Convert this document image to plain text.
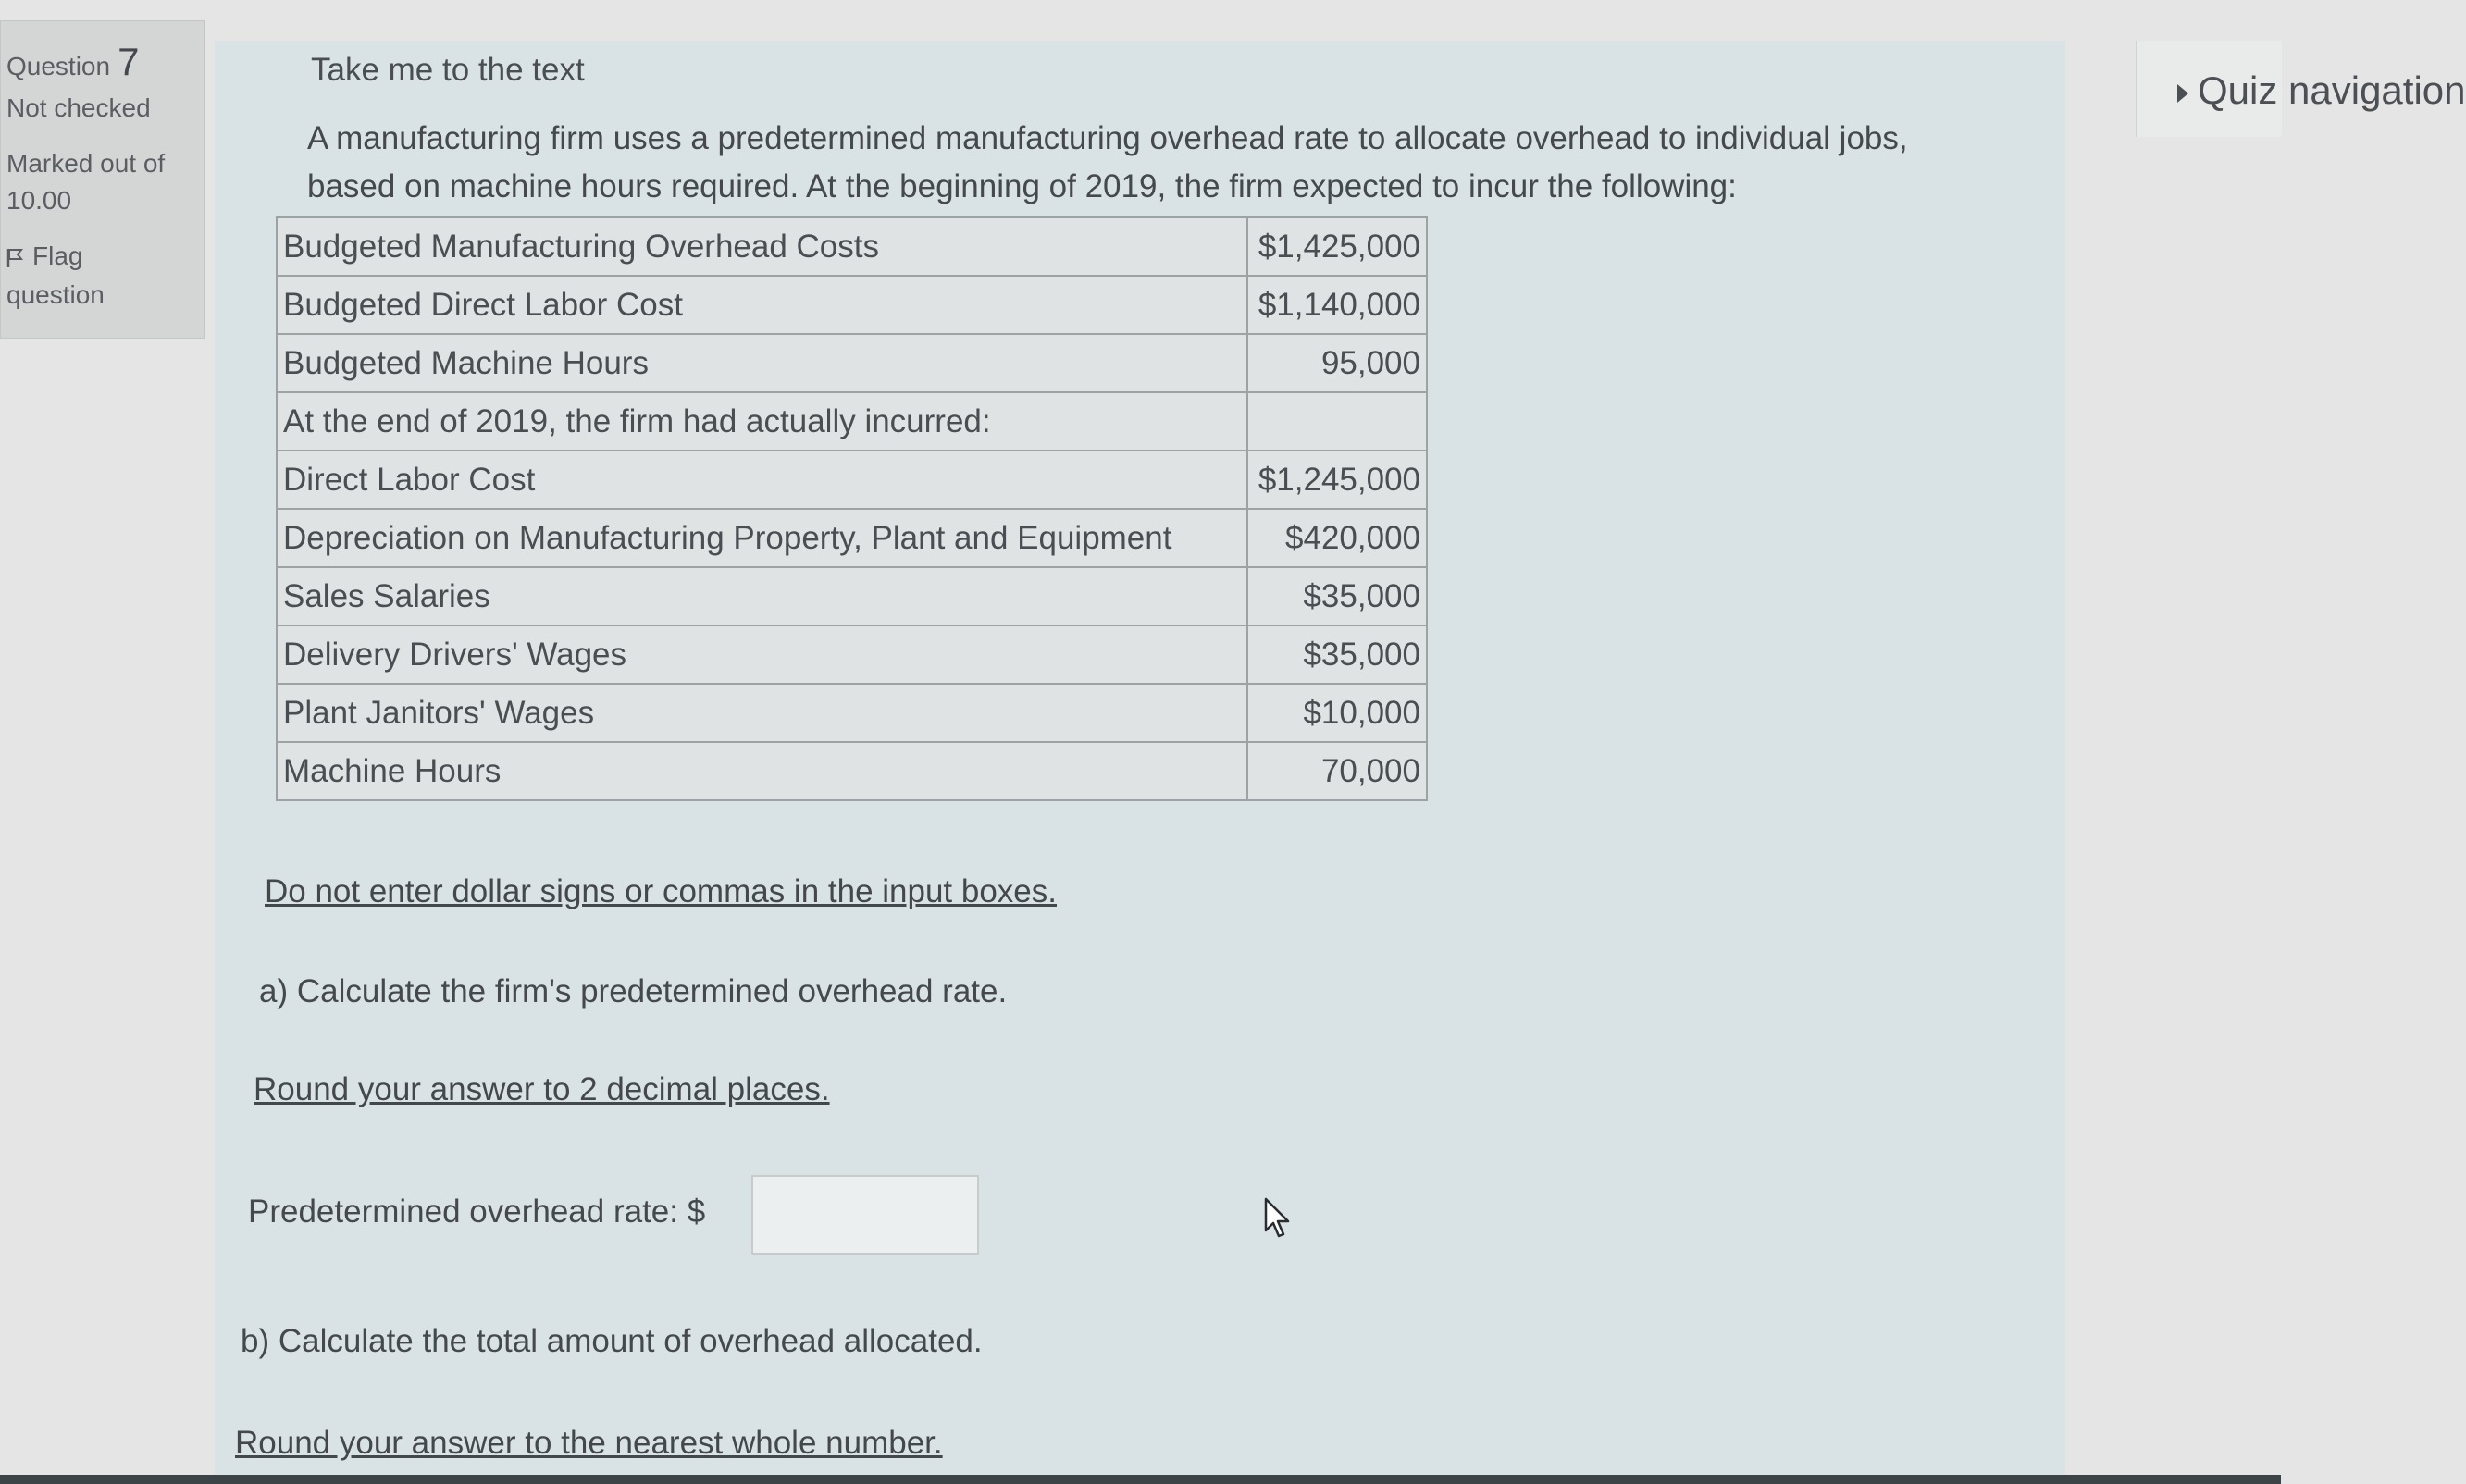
Question 7
Not checked
Marked out of
10.00
Flag
question
Take me to the text
A manufacturing firm uses a predetermined manufacturing overhead rate to allocate overhead to individual jobs,
based on machine hours required. At the beginning of 2019, the firm expected to incur the following:
Budgeted Manufacturing Overhead Costs	$1,425,000
Budgeted Direct Labor Cost	$1,140,000
Budgeted Machine Hours	95,000
At the end of 2019, the firm had actually incurred:	
Direct Labor Cost	$1,245,000
Depreciation on Manufacturing Property, Plant and Equipment	$420,000
Sales Salaries	$35,000
Delivery Drivers' Wages	$35,000
Plant Janitors' Wages	$10,000
Machine Hours	70,000
Do not enter dollar signs or commas in the input boxes.
a) Calculate the firm's predetermined overhead rate.
Round your answer to 2 decimal places.
Predetermined overhead rate: $
b) Calculate the total amount of overhead allocated.
Round your answer to the nearest whole number.
Quiz navigation
